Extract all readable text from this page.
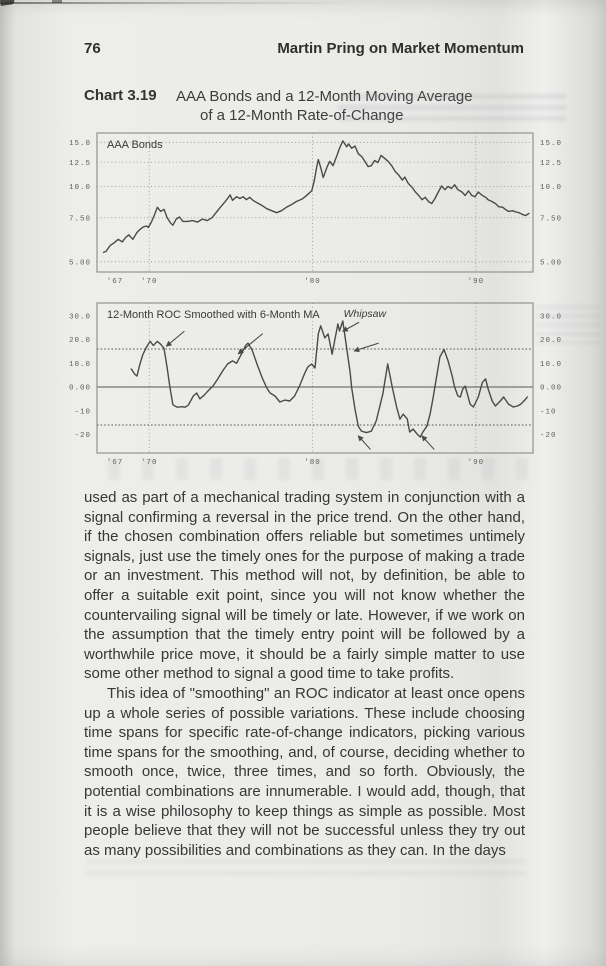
76	Martin Pring on Market Momentum
Chart 3.19	AAA Bonds and a 12-Month Moving Average
of a 12-Month Rate-of-Change
15.0	15.0
12.5	12.5
10.0	10.0
7.50	7.50
5.00	5.00
'67 '70	'80	'90
AAA Bonds
30.0	30.0
20.0	20.0
10.0	10.0
0.00	0.00
-10	-10
-20	-20
'67 '70	'80	'90
12-Month ROC Smoothed with 6-Month MA Whipsaw

used as part of a mechanical trading system in conjunction with a signal confirming a reversal in the price trend. On the other hand, if the chosen combination offers reliable but sometimes untimely signals, just use the timely ones for the purpose of making a trade or an investment. This method will not, by definition, be able to offer a suitable exit point, since you will not know whether the countervailing signal will be timely or late. However, if we work on the assumption that the timely entry point will be followed by a worthwhile price move, it should be a fairly simple matter to use some other method to signal a good time to take profits.

This idea of "smoothing" an ROC indicator at least once opens up a whole series of possible variations. These include choosing time spans for specific rate-of-change indicators, picking various time spans for the smoothing, and, of course, deciding whether to smooth once, twice, three times, and so forth. Obviously, the potential combinations are innumerable. I would add, though, that it is a wise philosophy to keep things as simple as possible. Most people believe that they will not be successful unless they try out as many possibilities and combinations as they can. In the days
